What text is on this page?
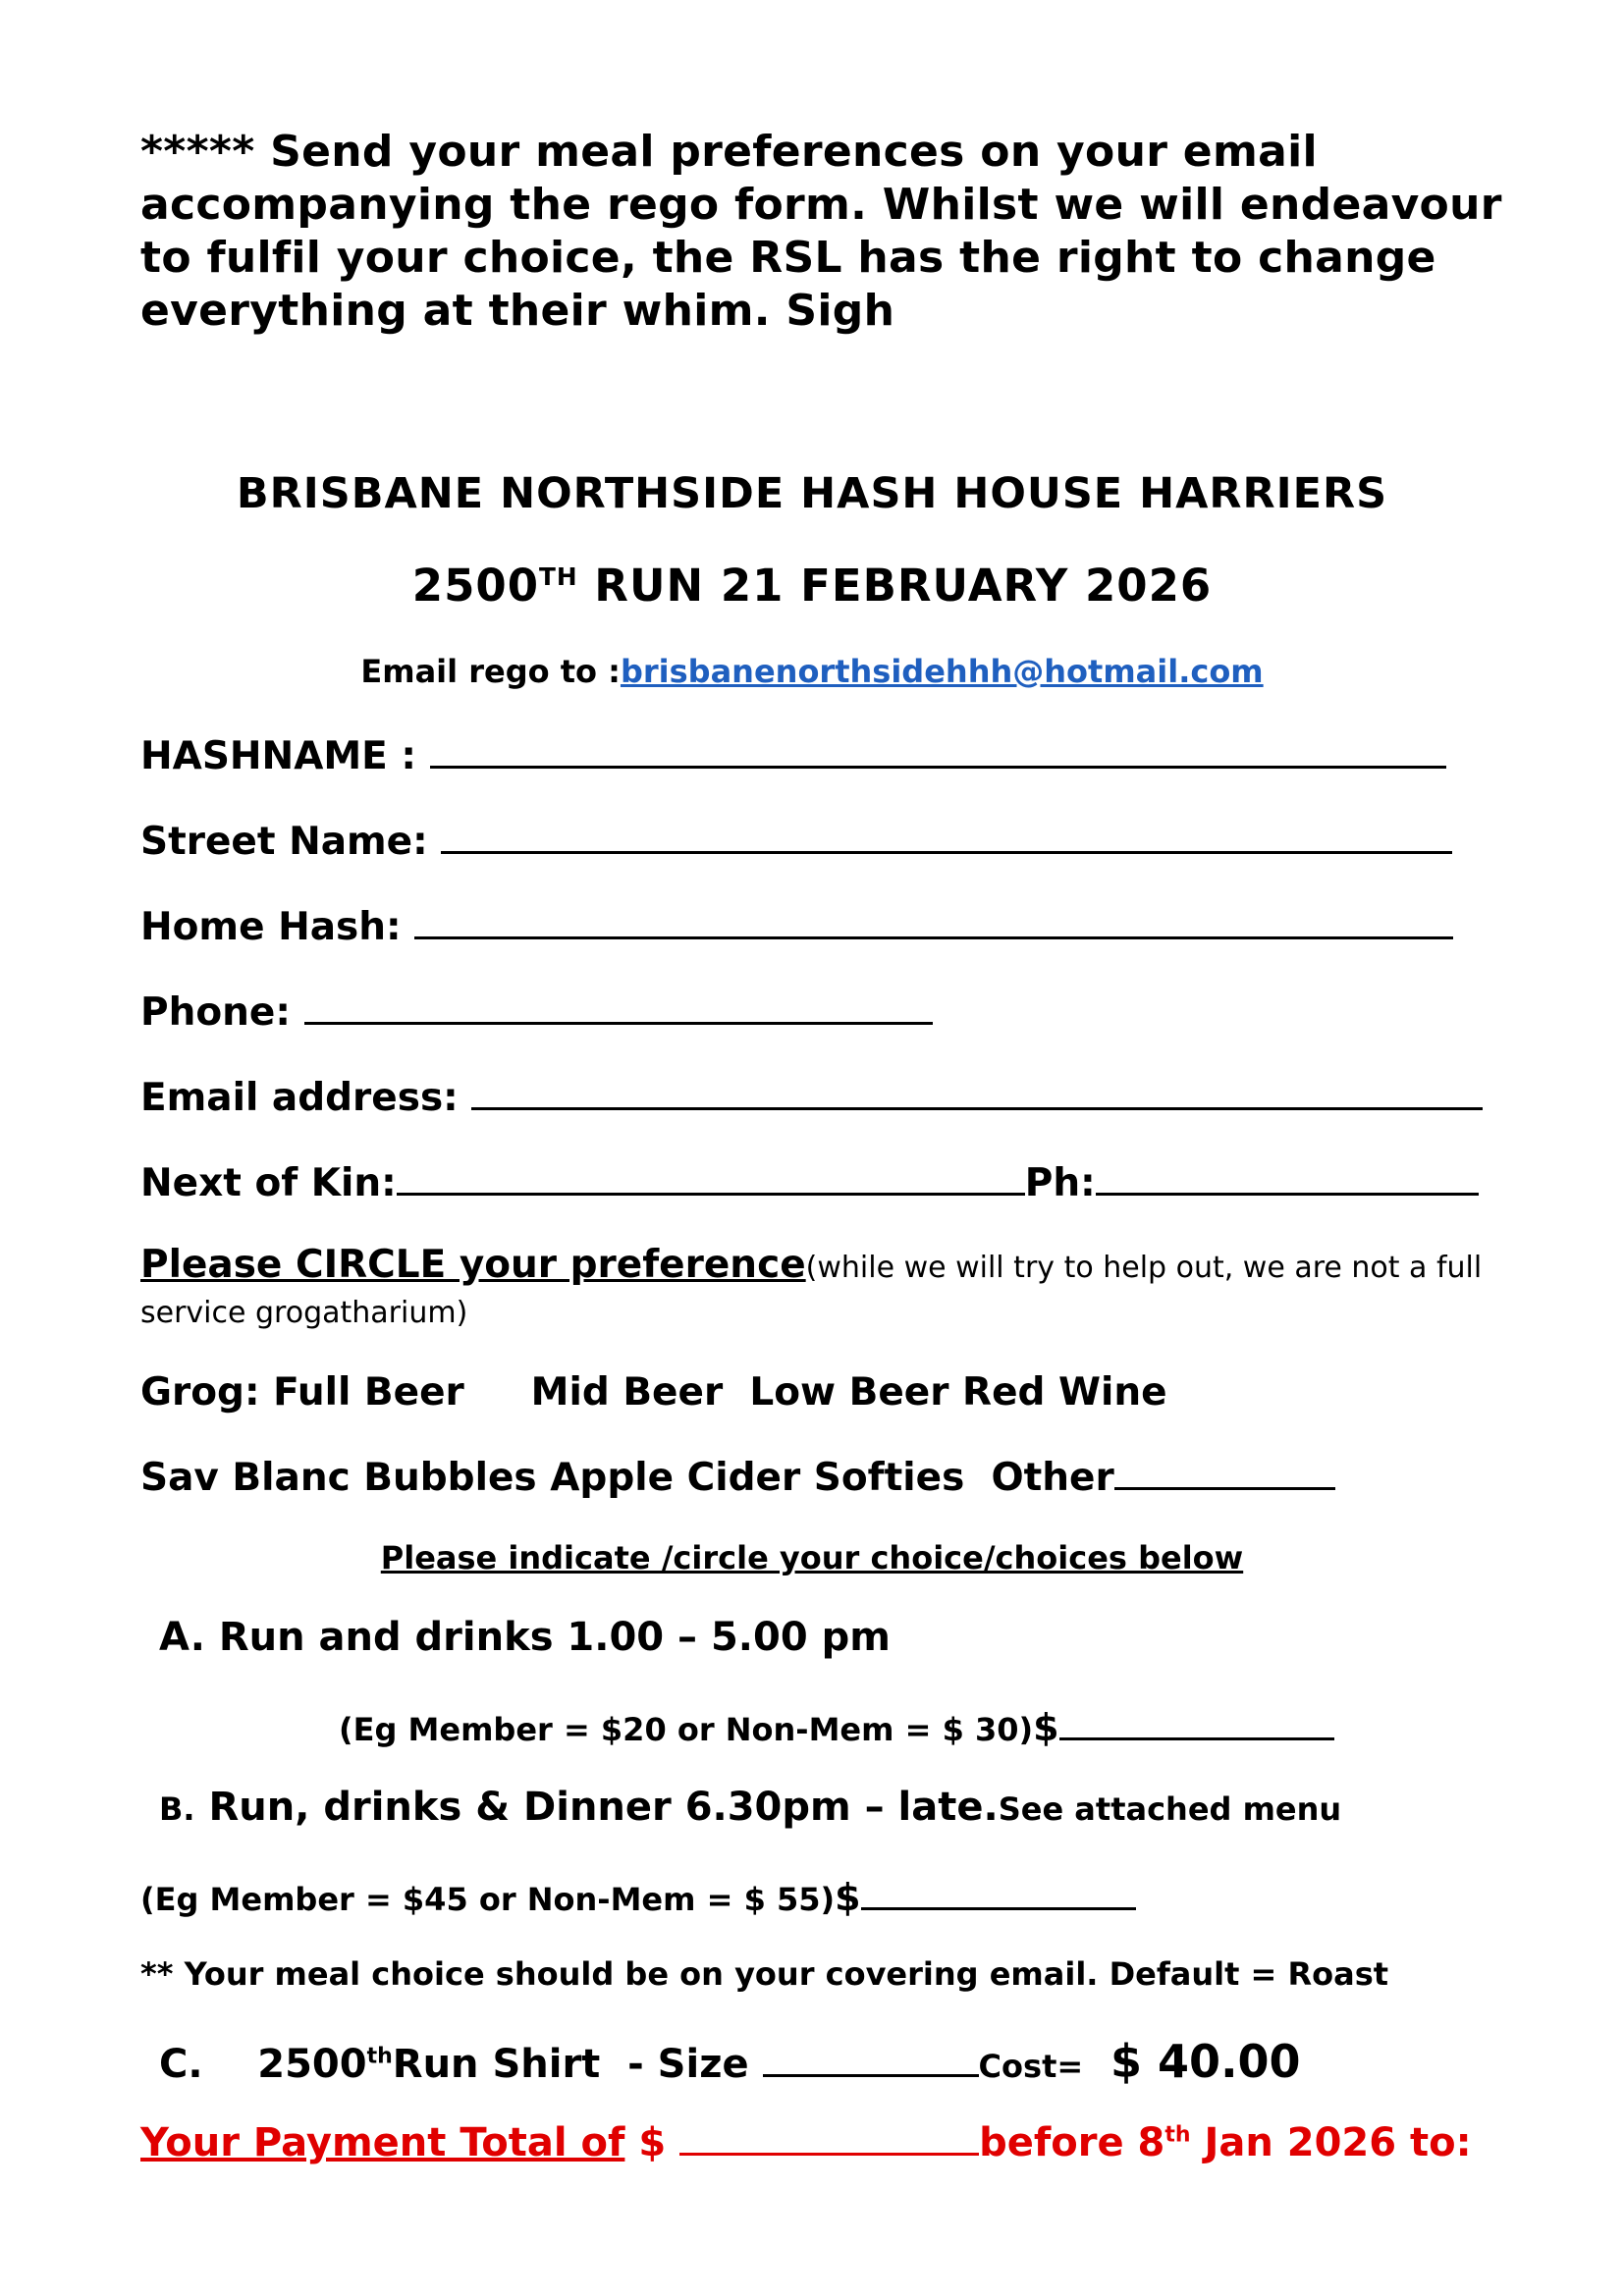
***** Send your meal preferences on your email accompanying the rego form. Whilst we will endeavour to fulfil your choice, the RSL has the right to change everything at their whim. Sigh
BRISBANE NORTHSIDE HASH HOUSE HARRIERS
2500TH RUN 21 FEBRUARY 2026
Email rego to :brisbanenorthsidehhh@hotmail.com
HASHNAME :
Street Name:
Home Hash:
Phone:
Email address:
Next of Kin:	Ph:
Please CIRCLE your preference(while we will try to help out, we are not a full service grogatharium)
Grog: Full Beer     Mid Beer  Low Beer Red Wine
Sav Blanc Bubbles Apple Cider Softies  Other
Please indicate /circle your choice/choices below
A. Run and drinks 1.00 – 5.00 pm
(Eg Member = $20 or Non-Mem = $ 30)$
B. Run, drinks & Dinner 6.30pm – late.See attached menu
(Eg Member = $45 or Non-Mem = $ 55)$
** Your meal choice should be on your covering email. Default = Roast
C. 2500thRun Shirt  - Size	Cost= $ 40.00
Your Payment Total of $	before 8th Jan 2026 to:
